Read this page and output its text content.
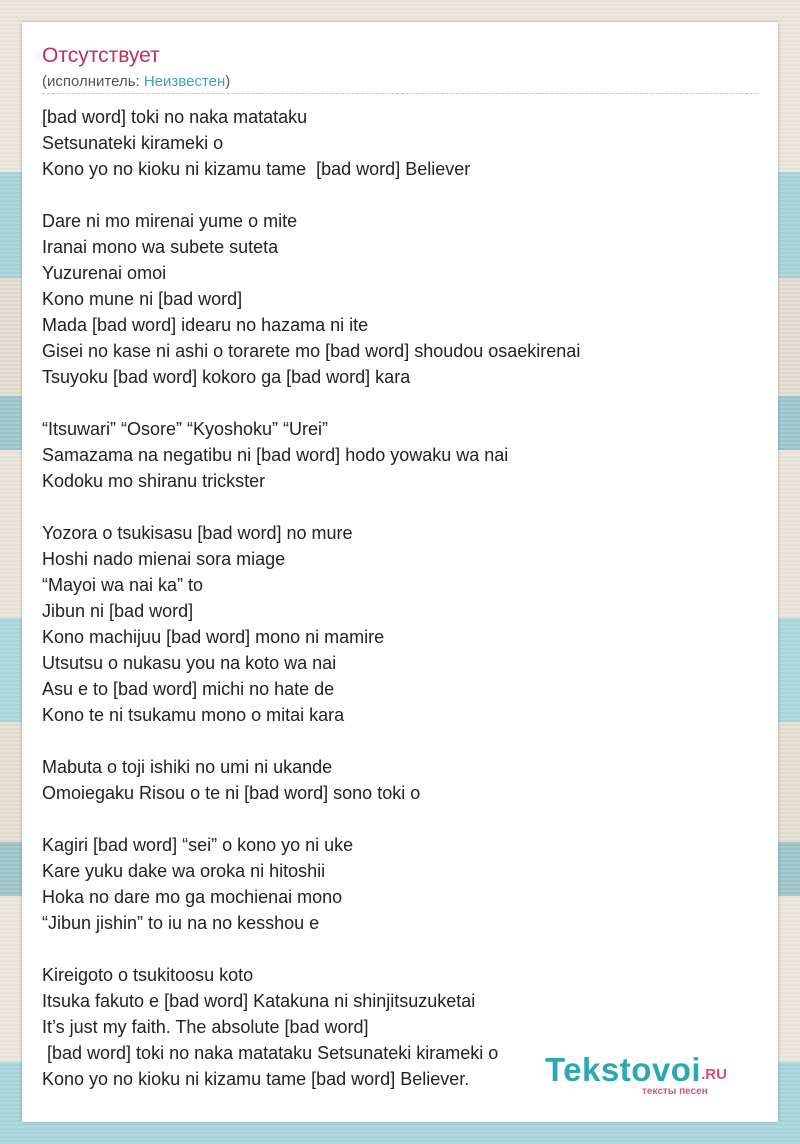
Отсутствует
(исполнитель: Неизвестен)
[bad word] toki no naka matataku
Setsunateki kirameki o
Kono yo no kioku ni kizamu tame  [bad word] Believer
Dare ni mo mirenai yume o mite
Iranai mono wa subete suteta
Yuzurenai omoi
Kono mune ni [bad word]
Mada [bad word] idearu no hazama ni ite
Gisei no kase ni ashi o torarete mo [bad word] shoudou osaekirenai
Tsuyoku [bad word] kokoro ga [bad word] kara
“Itsuwari” “Osore” “Kyoshoku” “Urei”
Samazama na negatibu ni [bad word] hodo yowaku wa nai
Kodoku mo shiranu trickster
Yozora o tsukisasu [bad word] no mure
Hoshi nado mienai sora miage
“Mayoi wa nai ka” to
Jibun ni [bad word]
Kono machijuu [bad word] mono ni mamire
Utsutsu o nukasu you na koto wa nai
Asu e to [bad word] michi no hate de
Kono te ni tsukamu mono o mitai kara
Mabuta o toji ishiki no umi ni ukande
Omoiegaku Risou o te ni [bad word] sono toki o
Kagiri [bad word] “sei” o kono yo ni uke
Kare yuku dake wa oroka ni hitoshii
Hoka no dare mo ga mochienai mono
“Jibun jishin” to iu na no kesshou e
Kireigoto o tsukitoosu koto
Itsuka fakuto e [bad word] Katakuna ni shinjitsuzuketai
It’s just my faith. The absolute [bad word]
[bad word] toki no naka matataku Setsunateki kirameki o
Kono yo no kioku ni kizamu tame [bad word] Believer.	Tekstovoi.RU
тексты песен
